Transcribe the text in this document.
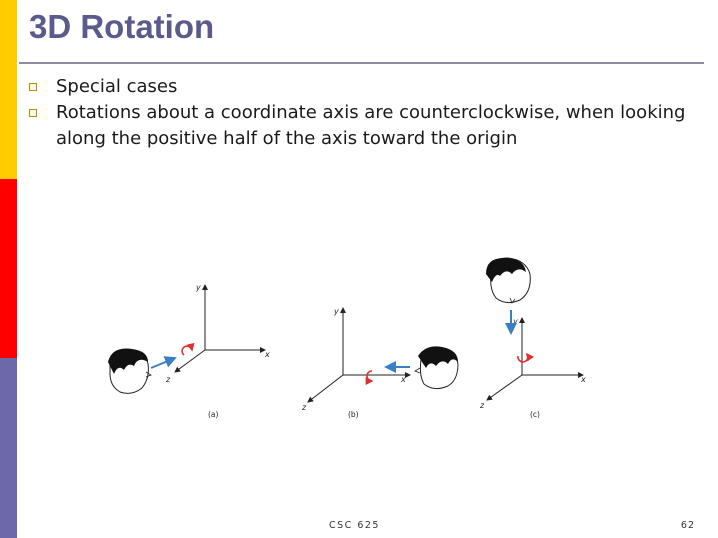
3D Rotation
Special cases
Rotations about a coordinate axis are counterclockwise, when looking along the positive half of the axis toward the origin
y
x
z
(a)
y
x
z
(b)
y
x
z
(c)
CSC 625	62
